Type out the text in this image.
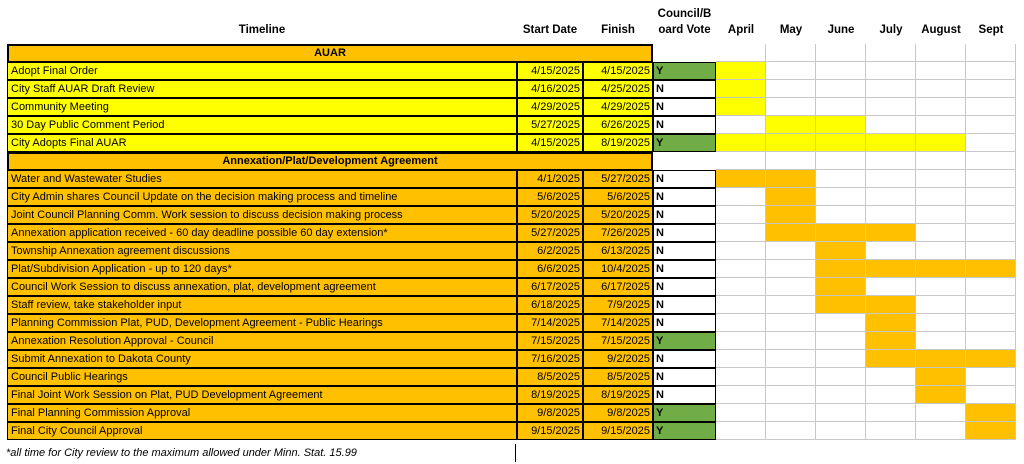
Timeline	Start Date	Finish
Council/B
oard Vote	April	May	June	July	August	Sept
AUAR
Adopt Final Order	4/15/2025	4/15/2025 Y
City Staff AUAR Draft Review	4/16/2025	4/25/2025 N
Community Meeting	4/29/2025	4/29/2025 N
30 Day Public Comment Period	5/27/2025	6/26/2025 N
City Adopts Final AUAR	4/15/2025	8/19/2025 Y
Annexation/Plat/Development Agreement
Water and Wastewater Studies	4/1/2025	5/27/2025 N
City Admin shares Council Update on the decision making process and timeline	5/6/2025	5/6/2025 N
Joint Council Planning Comm. Work session to discuss decision making process	5/20/2025	5/20/2025 N
Annexation application received - 60 day deadline possible 60 day extension*	5/27/2025	7/26/2025 N
Township Annexation agreement discussions	6/2/2025	6/13/2025 N
Plat/Subdivision Application - up to 120 days*	6/6/2025	10/4/2025 N
Council Work Session to discuss annexation, plat, development agreement	6/17/2025	6/17/2025 N
Staff review, take stakeholder input	6/18/2025	7/9/2025 N
Planning Commission Plat, PUD, Development Agreement - Public Hearings	7/14/2025	7/14/2025 N
Annexation Resolution Approval - Council	7/15/2025	7/15/2025 Y
Submit Annexation to Dakota County	7/16/2025	9/2/2025 N
Council Public Hearings	8/5/2025	8/5/2025 N
Final Joint Work Session on Plat, PUD Development Agreement	8/19/2025	8/19/2025 N
Final Planning Commission Approval	9/8/2025	9/8/2025 Y
Final City Council Approval	9/15/2025	9/15/2025 Y
*all time for City review to the maximum allowed under Minn. Stat. 15.99
